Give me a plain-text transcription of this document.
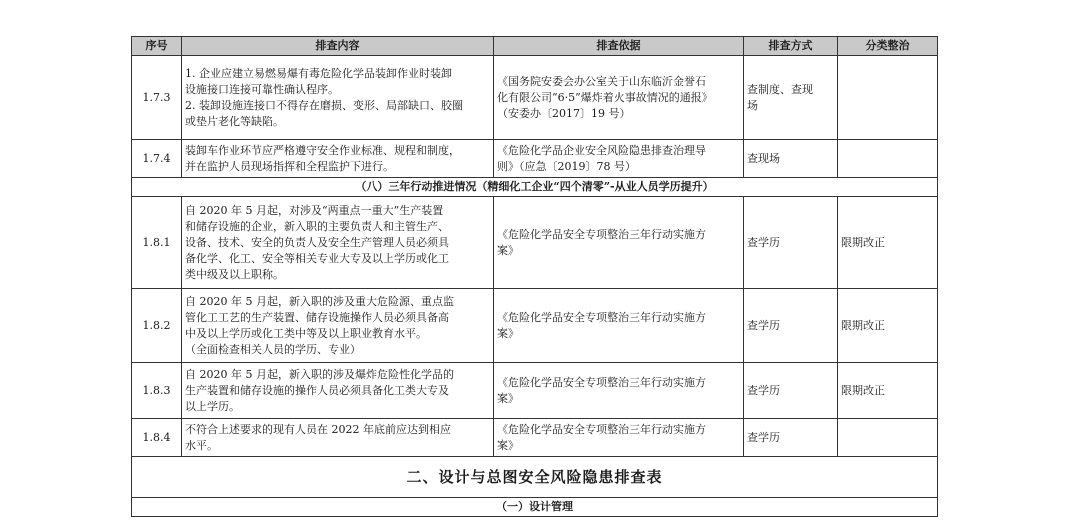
序号	排查内容	排查依据	排查方式	分类整治
1.7.3	1. 企业应建立易燃易爆有毒危险化学品装卸作业时装卸
设施接口连接可靠性确认程序。
2. 装卸设施连接口不得存在磨损、变形、局部缺口、胶圈
或垫片老化等缺陷。	《国务院安委会办公室关于山东临沂金誉石
化有限公司“6·5”爆炸着火事故情况的通报》
（安委办〔2017〕19 号）	查制度、查现
场	

1.7.4	装卸车作业环节应严格遵守安全作业标准、规程和制度，
并在监护人员现场指挥和全程监护下进行。	《危险化学品企业安全风险隐患排查治理导
则》（应急〔2019〕78 号）	查现场	
（八）三年行动推进情况（精细化工企业“四个清零”-从业人员学历提升）				
1.8.1	自 2020 年 5 月起，对涉及“两重点一重大”生产装置
和储存设施的企业，新入职的主要负责人和主管生产、
设备、技术、安全的负责人及安全生产管理人员必须具
备化学、化工、安全等相关专业大专及以上学历或化工
类中级及以上职称。	《危险化学品安全专项整治三年行动实施方
案》	查学历	限期改正
1.8.2	自 2020 年 5 月起，新入职的涉及重大危险源、重点监
管化工工艺的生产装置、储存设施操作人员必须具备高
中及以上学历或化工类中等及以上职业教育水平。
（全面检查相关人员的学历、专业）	《危险化学品安全专项整治三年行动实施方
案》	查学历	限期改正
1.8.3	自 2020 年 5 月起，新入职的涉及爆炸危险性化学品的
生产装置和储存设施的操作人员必须具备化工类大专及
以上学历。	《危险化学品安全专项整治三年行动实施方
案》	查学历	限期改正
1.8.4	不符合上述要求的现有人员在 2022 年底前应达到相应
水平。	《危险化学品安全专项整治三年行动实施方
案》	查学历	
二、设计与总图安全风险隐患排查表				
（一）设计管理				
